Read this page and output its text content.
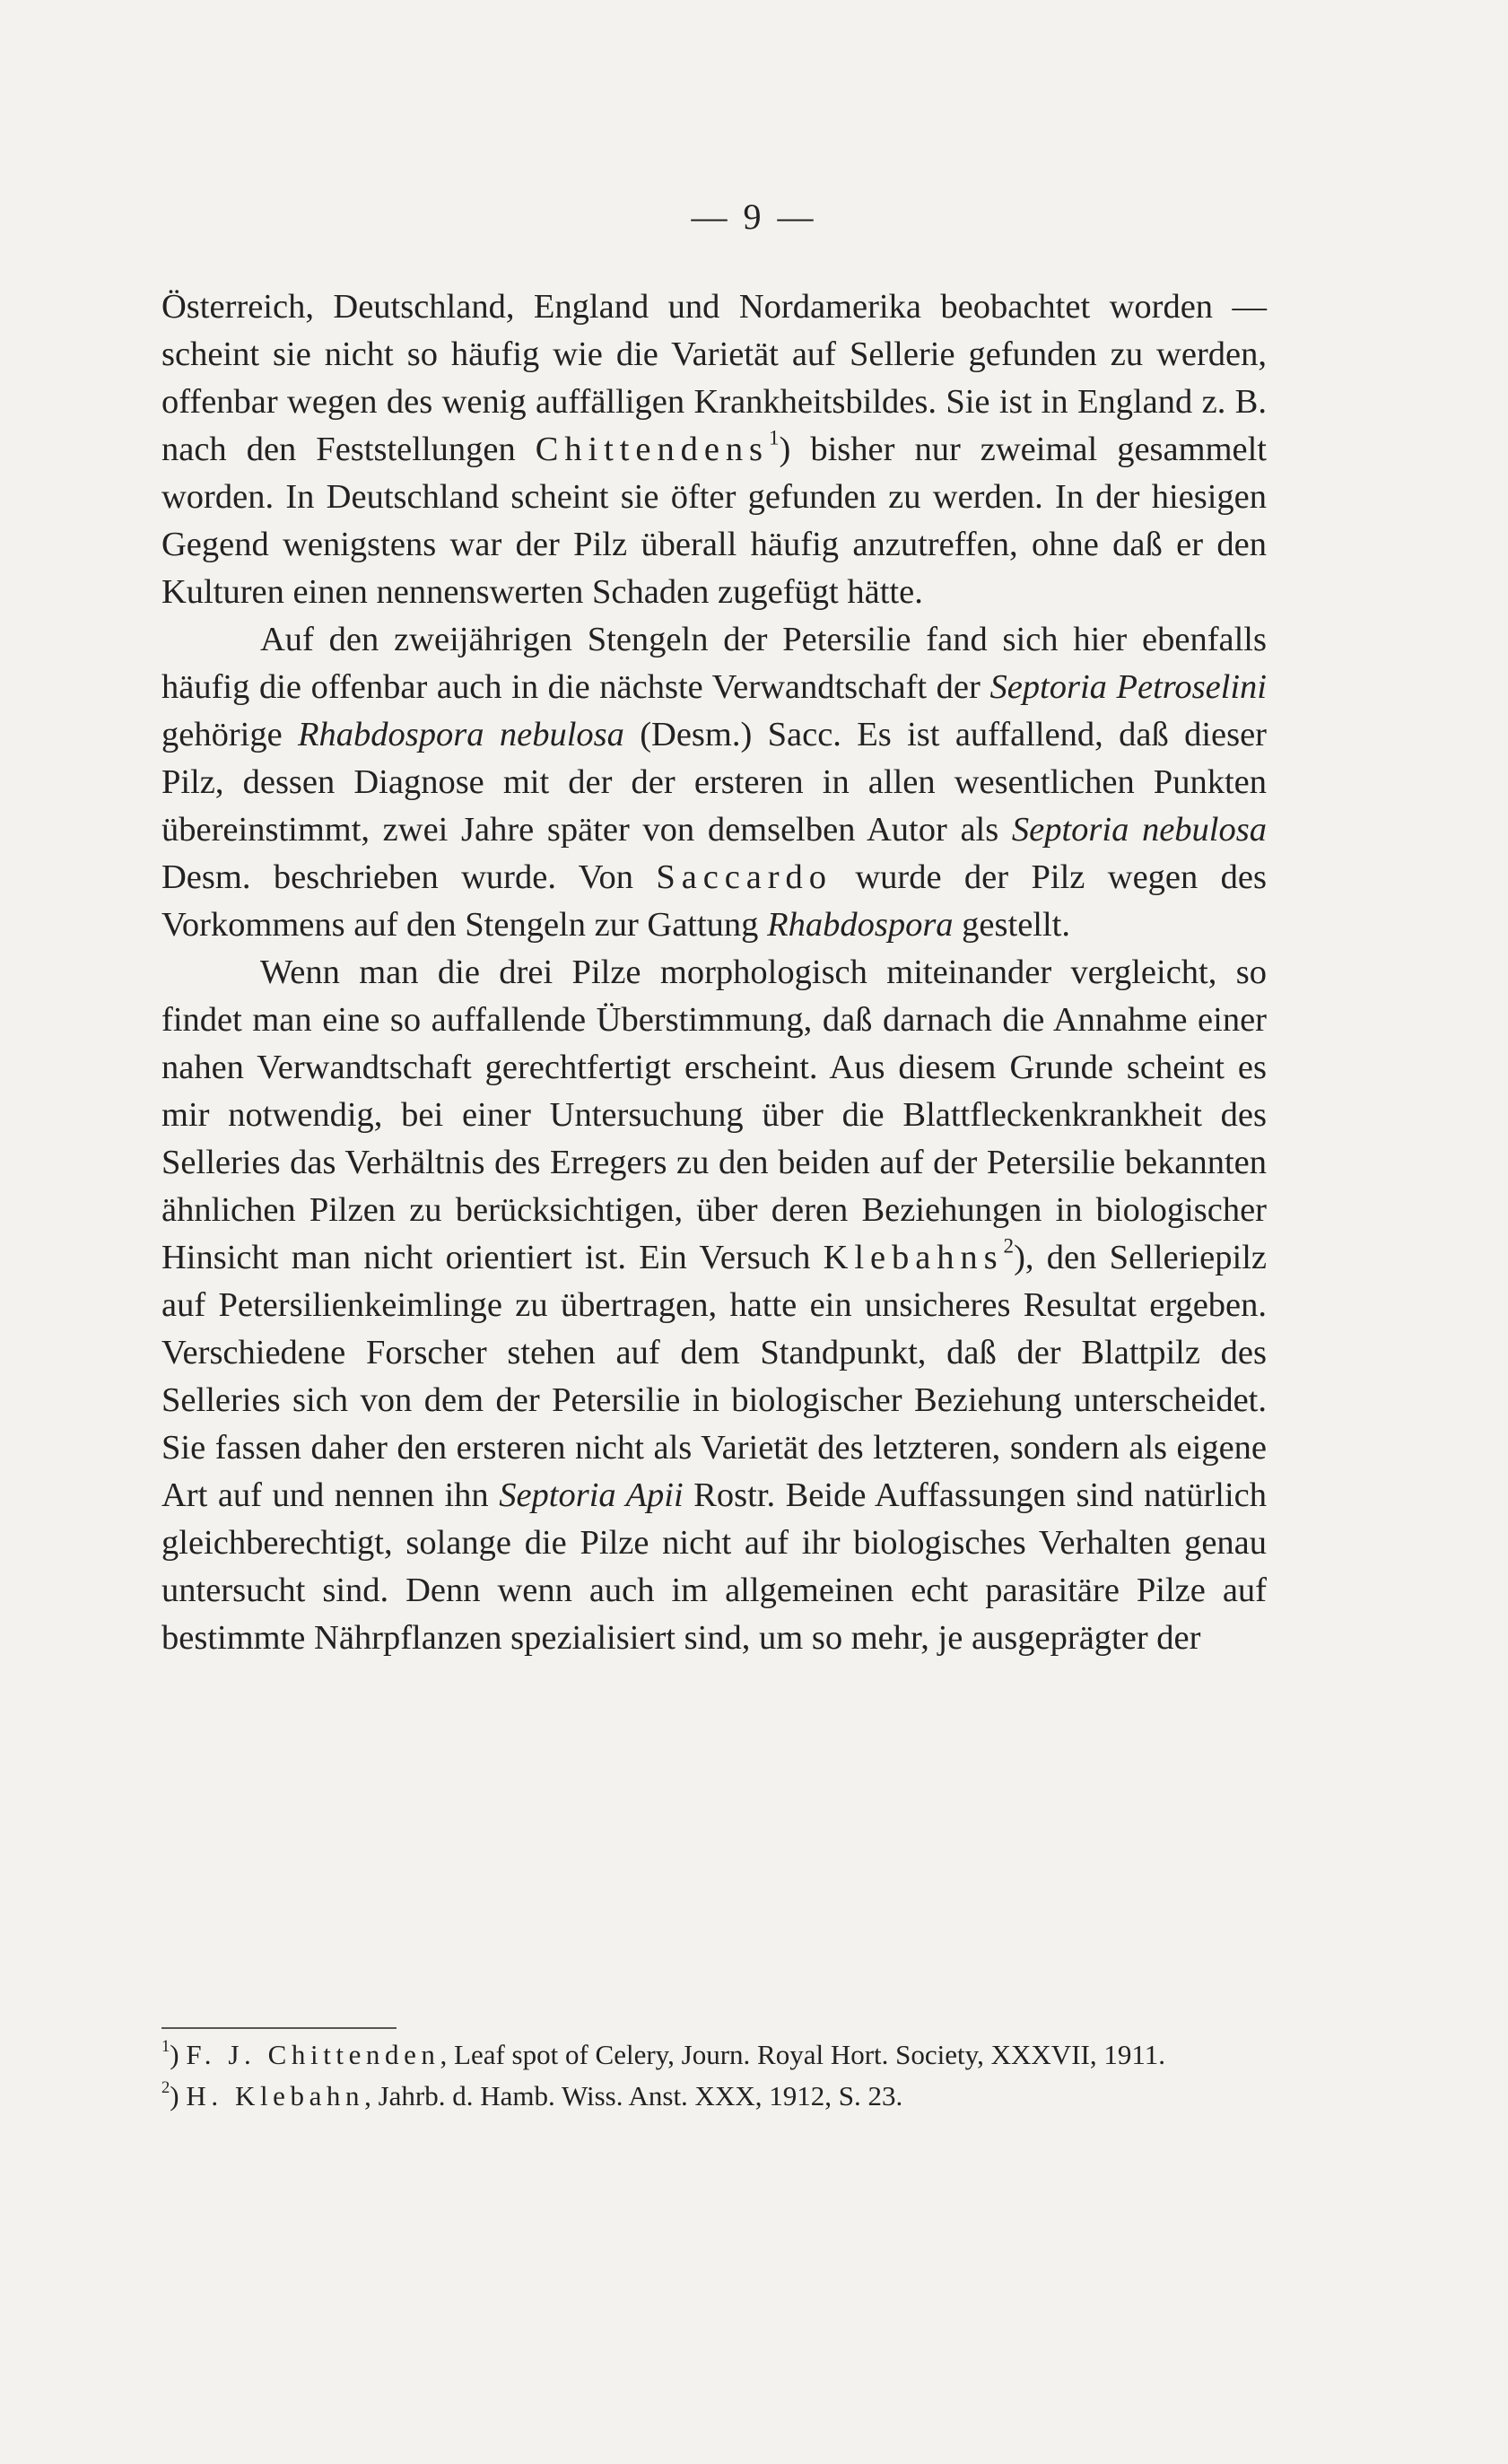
— 9 —

Österreich, Deutschland, England und Nordamerika beobachtet worden — scheint sie nicht so häufig wie die Varietät auf Sellerie gefunden zu werden, offenbar wegen des wenig auffälligen Krankheitsbildes. Sie ist in England z. B. nach den Feststellungen Chittendens$^1$) bisher nur zweimal gesammelt worden. In Deutschland scheint sie öfter gefunden zu werden. In der hiesigen Gegend wenigstens war der Pilz überall häufig anzutreffen, ohne daß er den Kulturen einen nennenswerten Schaden zugefügt hätte.

Auf den zweijährigen Stengeln der Petersilie fand sich hier ebenfalls häufig die offenbar auch in die nächste Verwandtschaft der Septoria Petroselini gehörige Rhabdospora nebulosa (Desm.) Sacc. Es ist auffallend, daß dieser Pilz, dessen Diagnose mit der der ersteren in allen wesentlichen Punkten übereinstimmt, zwei Jahre später von demselben Autor als Septoria nebulosa Desm. beschrieben wurde. Von Saccardo wurde der Pilz wegen des Vorkommens auf den Stengeln zur Gattung Rhabdospora gestellt.

Wenn man die drei Pilze morphologisch miteinander vergleicht, so findet man eine so auffallende Überstimmung, daß darnach die Annahme einer nahen Verwandtschaft gerechtfertigt erscheint. Aus diesem Grunde scheint es mir notwendig, bei einer Untersuchung über die Blattfleckenkrankheit des Selleries das Verhältnis des Erregers zu den beiden auf der Petersilie bekannten ähnlichen Pilzen zu berücksichtigen, über deren Beziehungen in biologischer Hinsicht man nicht orientiert ist. Ein Versuch Klebahns$^2$), den Selleriepilz auf Petersilienkeimlinge zu übertragen, hatte ein unsicheres Resultat ergeben. Verschiedene Forscher stehen auf dem Standpunkt, daß der Blattpilz des Selleries sich von dem der Petersilie in biologischer Beziehung unterscheidet. Sie fassen daher den ersteren nicht als Varietät des letzteren, sondern als eigene Art auf und nennen ihn Septoria Apii Rostr. Beide Auffassungen sind natürlich gleichberechtigt, solange die Pilze nicht auf ihr biologisches Verhalten genau untersucht sind. Denn wenn auch im allgemeinen echt parasitäre Pilze auf bestimmte Nährpflanzen spezialisiert sind, um so mehr, je ausgeprägter der

$^1$) F. J. Chittenden, Leaf spot of Celery, Journ. Royal Hort. Society, XXXVII, 1911.

$^2$) H. Klebahn, Jahrb. d. Hamb. Wiss. Anst. XXX, 1912, S. 23.
